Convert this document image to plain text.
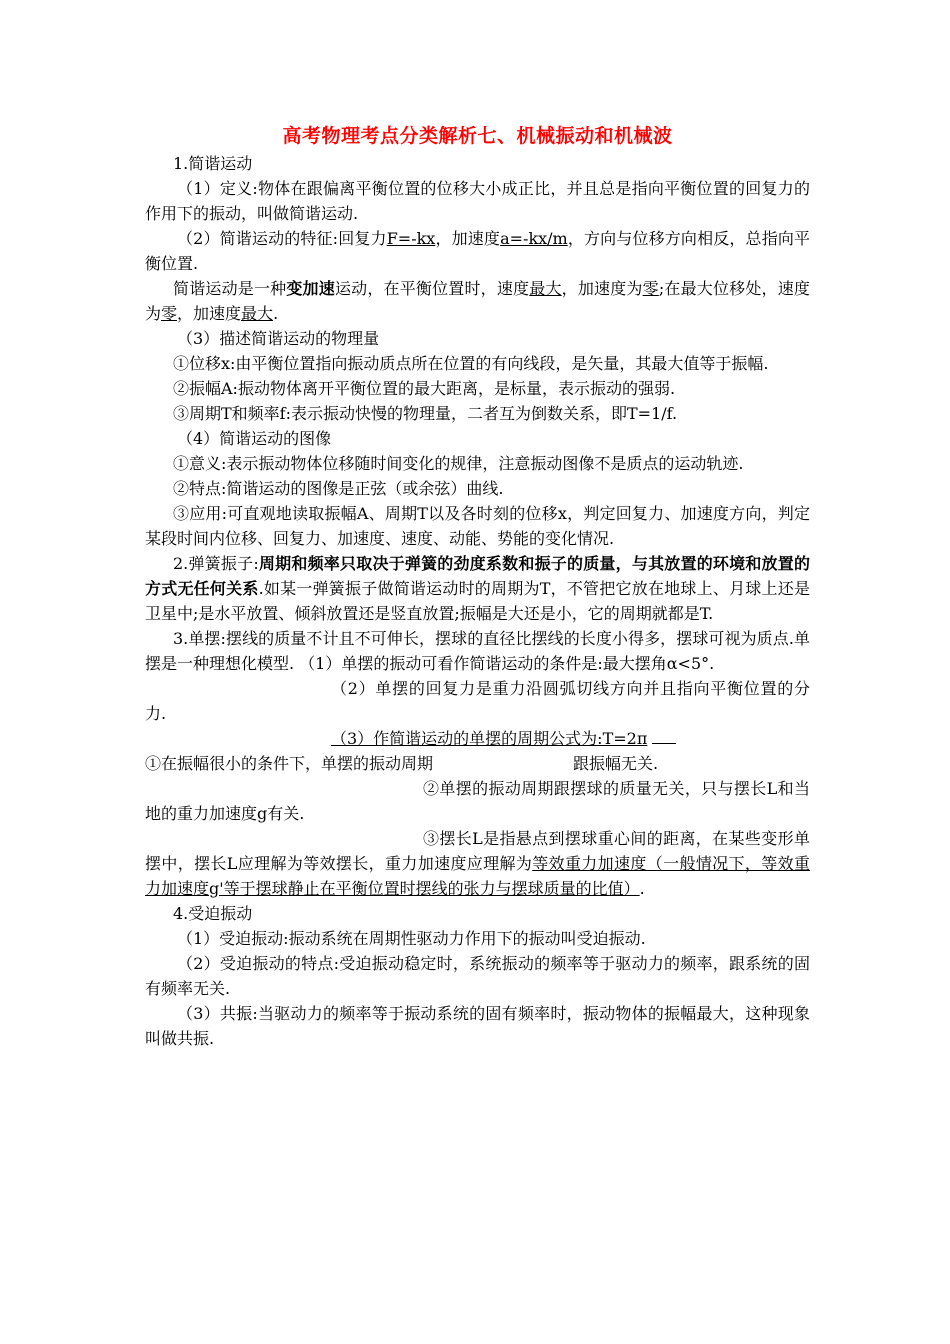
高考物理考点分类解析七、机械振动和机械波

1.简谐运动

（1）定义:物体在跟偏离平衡位置的位移大小成正比，并且总是指向平衡位置的回复力的作用下的振动，叫做简谐运动.

（2）简谐运动的特征:回复力F=-kx，加速度a=-kx/m，方向与位移方向相反，总指向平衡位置.

简谐运动是一种变加速运动，在平衡位置时，速度最大，加速度为零;在最大位移处，速度为零，加速度最大.

（3）描述简谐运动的物理量

①位移x:由平衡位置指向振动质点所在位置的有向线段，是矢量，其最大值等于振幅.

②振幅A:振动物体离开平衡位置的最大距离，是标量，表示振动的强弱.

③周期T和频率f:表示振动快慢的物理量，二者互为倒数关系，即T=1/f.

（4）简谐运动的图像

①意义:表示振动物体位移随时间变化的规律，注意振动图像不是质点的运动轨迹.

②特点:简谐运动的图像是正弦（或余弦）曲线.

③应用:可直观地读取振幅A、周期T以及各时刻的位移x，判定回复力、加速度方向，判定某段时间内位移、回复力、加速度、速度、动能、势能的变化情况.

2.弹簧振子:周期和频率只取决于弹簧的劲度系数和振子的质量，与其放置的环境和放置的方式无任何关系.如某一弹簧振子做简谐运动时的周期为T，不管把它放在地球上、月球上还是卫星中;是水平放置、倾斜放置还是竖直放置;振幅是大还是小，它的周期就都是T.

3.单摆:摆线的质量不计且不可伸长，摆球的直径比摆线的长度小得多，摆球可视为质点.单摆是一种理想化模型. （1）单摆的振动可看作简谐运动的条件是:最大摆角α<5°.

（2）单摆的回复力是重力沿圆弧切线方向并且指向平衡位置的分力.

（3）作简谐运动的单摆的周期公式为:T=2π

①在振幅很小的条件下，单摆的振动周期	跟振幅无关.

②单摆的振动周期跟摆球的质量无关，只与摆长L和当地的重力加速度g有关.

③摆长L是指悬点到摆球重心间的距离，在某些变形单摆中，摆长L应理解为等效摆长，重力加速度应理解为等效重力加速度（一般情况下，等效重力加速度g'等于摆球静止在平衡位置时摆线的张力与摆球质量的比值）.

4.受迫振动

（1）受迫振动:振动系统在周期性驱动力作用下的振动叫受迫振动.

（2）受迫振动的特点:受迫振动稳定时，系统振动的频率等于驱动力的频率，跟系统的固有频率无关.

（3）共振:当驱动力的频率等于振动系统的固有频率时，振动物体的振幅最大，这种现象叫做共振.
